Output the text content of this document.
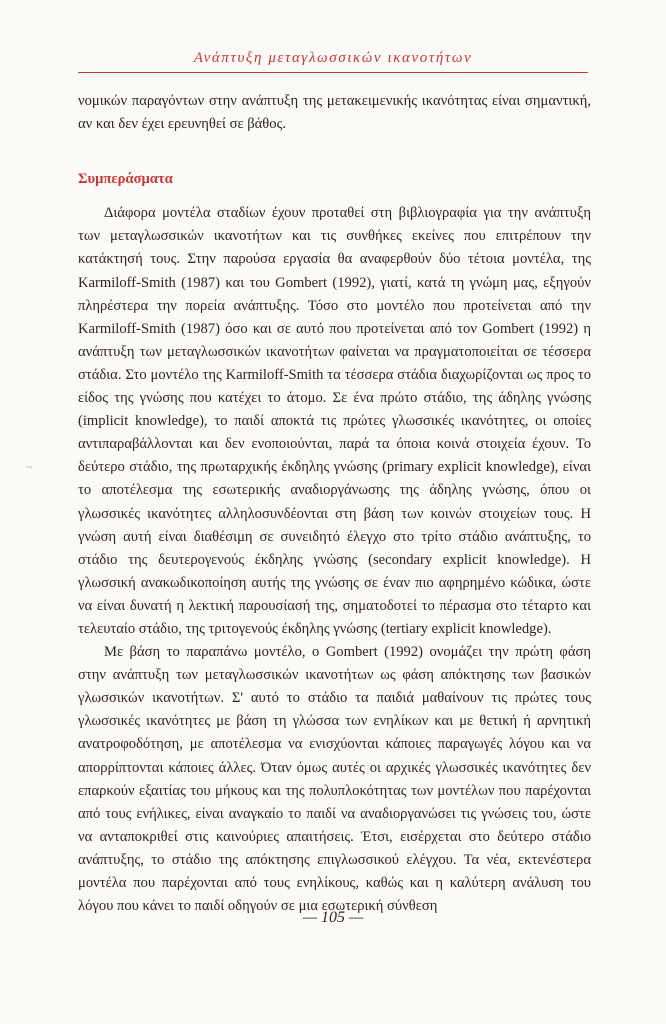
Ανάπτυξη μεταγλωσσικών ικανοτήτων
~

νομικών παραγόντων στην ανάπτυξη της μετακειμενικής ικανότητας είναι σημαντική, αν και δεν έχει ερευνηθεί σε βάθος.

Συμπεράσματα

Διάφορα μοντέλα σταδίων έχουν προταθεί στη βιβλιογραφία για την ανάπτυξη των μεταγλωσσικών ικανοτήτων και τις συνθήκες εκείνες που επιτρέπουν την κατάκτησή τους. Στην παρούσα εργασία θα αναφερθούν δύο τέτοια μοντέλα, της Karmiloff-Smith (1987) και του Gombert (1992), γιατί, κατά τη γνώμη μας, εξηγούν πληρέστερα την πορεία ανάπτυξης. Τόσο στο μοντέλο που προτείνεται από την Karmiloff-Smith (1987) όσο και σε αυτό που προτείνεται από τον Gombert (1992) η ανάπτυξη των μεταγλωσσικών ικανοτήτων φαίνεται να πραγματοποιείται σε τέσσερα στάδια. Στο μοντέλο της Karmiloff-Smith τα τέσσερα στάδια διαχωρίζονται ως προς το είδος της γνώσης που κατέχει το άτομο. Σε ένα πρώτο στάδιο, της άδηλης γνώσης (implicit knowledge), το παιδί αποκτά τις πρώτες γλωσσικές ικανότητες, οι οποίες αντιπαραβάλλονται και δεν ενοποιούνται, παρά τα όποια κοινά στοιχεία έχουν. Το δεύτερο στάδιο, της πρωταρχικής έκδηλης γνώσης (primary explicit knowledge), είναι το αποτέλεσμα της εσωτερικής αναδιοργάνωσης της άδηλης γνώσης, όπου οι γλωσσικές ικανότητες αλληλοσυνδέονται στη βάση των κοινών στοιχείων τους. Η γνώση αυτή είναι διαθέσιμη σε συνειδητό έλεγχο στο τρίτο στάδιο ανάπτυξης, το στάδιο της δευτερογενούς έκδηλης γνώσης (secondary explicit knowledge). Η γλωσσική ανακωδικοποίηση αυτής της γνώσης σε έναν πιο αφηρημένο κώδικα, ώστε να είναι δυνατή η λεκτική παρουσίασή της, σηματοδοτεί το πέρασμα στο τέταρτο και τελευταίο στάδιο, της τριτογενούς έκδηλης γνώσης (tertiary explicit knowledge).

Με βάση το παραπάνω μοντέλο, ο Gombert (1992) ονομάζει την πρώτη φάση στην ανάπτυξη των μεταγλωσσικών ικανοτήτων ως φάση απόκτησης των βασικών γλωσσικών ικανοτήτων. Σ' αυτό το στάδιο τα παιδιά μαθαίνουν τις πρώτες τους γλωσσικές ικανότητες με βάση τη γλώσσα των ενηλίκων και με θετική ή αρνητική ανατροφοδότηση, με αποτέλεσμα να ενισχύονται κάποιες παραγωγές λόγου και να απορρίπτονται κάποιες άλλες. Όταν όμως αυτές οι αρχικές γλωσσικές ικανότητες δεν επαρκούν εξαιτίας του μήκους και της πολυπλοκότητας των μοντέλων που παρέχονται από τους ενήλικες, είναι αναγκαίο το παιδί να αναδιοργανώσει τις γνώσεις του, ώστε να ανταποκριθεί στις καινούριες απαιτήσεις. Έτσι, εισέρχεται στο δεύτερο στάδιο ανάπτυξης, το στάδιο της απόκτησης επιγλωσσικού ελέγχου. Τα νέα, εκτενέστερα μοντέλα που παρέχονται από τους ενηλίκους, καθώς και η καλύτερη ανάλυση του λόγου που κάνει το παιδί οδηγούν σε μια εσωτερική σύνθεση

— 105 —
